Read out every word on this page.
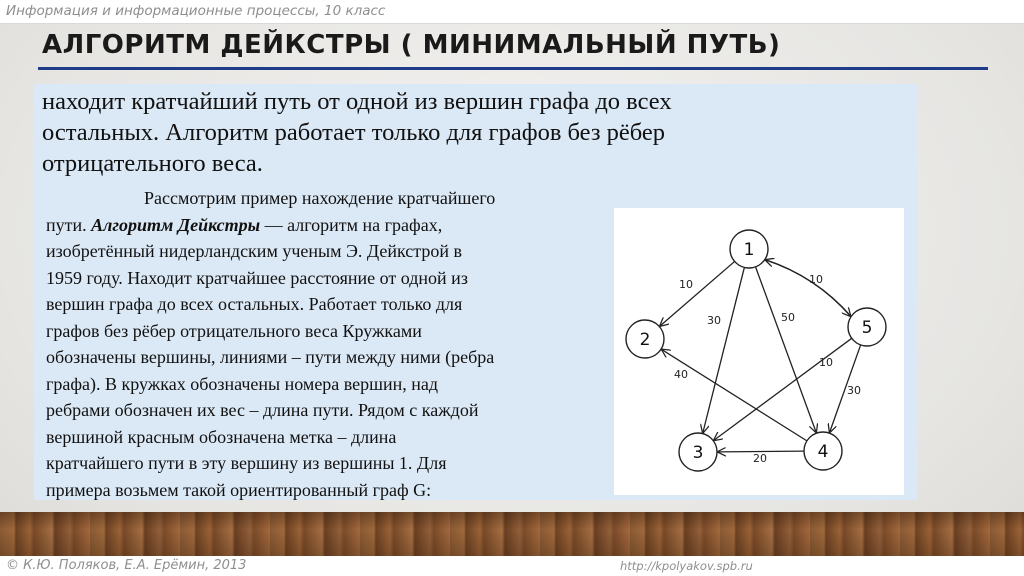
Информация и информационные процессы, 10 класс
АЛГОРИТМ ДЕЙКСТРЫ ( МИНИМАЛЬНЫЙ ПУТЬ)
находит кратчайший путь от одной из вершин графа до всех
остальных. Алгоритм работает только для графов без рёбер
отрицательного веса.
Рассмотрим пример нахождение кратчайшего
пути. Алгоритм Дейкстры — алгоритм на графах,
изобретённый нидерландским ученым Э. Дейкстрой в
1959 году. Находит кратчайшее расстояние от одной из
вершин графа до всех остальных. Работает только для
графов без рёбер отрицательного веса Кружками
обозначены вершины, линиями – пути между ними (ребра
графа). В кружках обозначены номера вершин, над
ребрами обозначен их вес – длина пути. Рядом с каждой
вершиной красным обозначена метка – длина
кратчайшего пути в эту вершину из вершины 1. Для
примера возьмем такой ориентированный граф G:
10
30	50
10
40
10
30
20
1
2
3	4
5
© К.Ю. Поляков, Е.А. Ерёмин, 2013	http://kpolyakov.spb.ru
